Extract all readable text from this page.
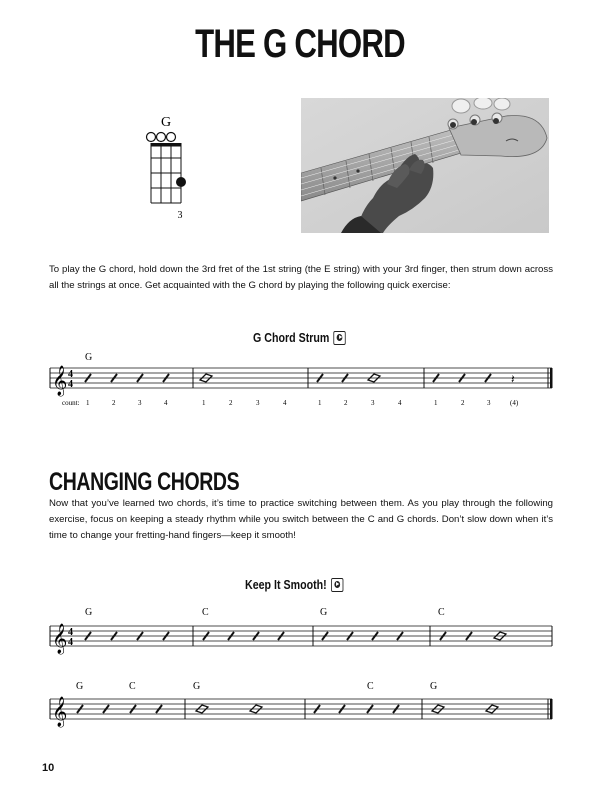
THE G CHORD
G
3
To play the G chord, hold down the 3rd fret of the 1st string (the E string) with your 3rd finger, then strum down across all the strings at once. Get acquainted with the G chord by playing the following quick exercise:
G Chord Strum
𝄞 4
4
G
𝄽
count: 1	2	3	4	1	2	3	4	1	2	3	4	1	2	3	(4)
𝄞 4
4
G	C	G	C
𝄞
G	C	G	C	G
CHANGING CHORDS
Now that you’ve learned two chords, it’s time to practice switching between them. As you play through the following exercise, focus on keeping a steady rhythm while you switch between the C and G chords. Don’t slow down when it’s time to change your fretting-hand fingers—keep it smooth!
Keep It Smooth!
10
